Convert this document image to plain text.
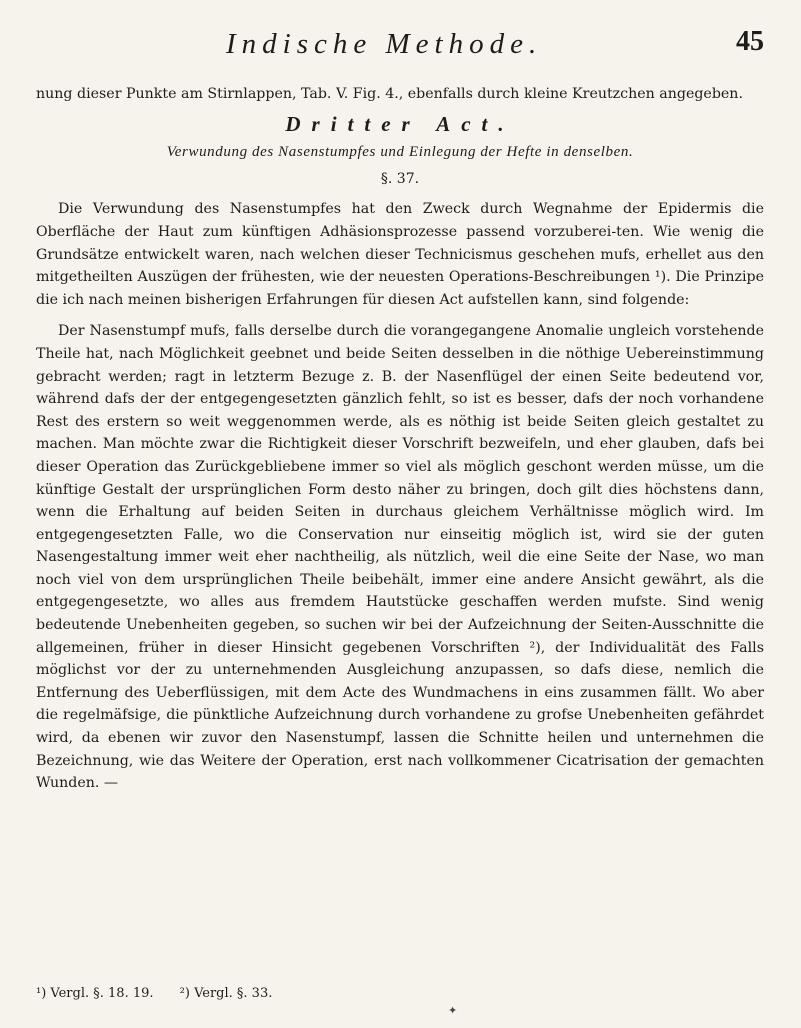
Indische Methode.	45

nung dieser Punkte am Stirnlappen, Tab. V. Fig. 4., ebenfalls durch kleine Kreutzchen angegeben.

Dritter Act.

Verwundung des Nasenstumpfes und Einlegung der Hefte in denselben.

§. 37.

Die Verwundung des Nasenstumpfes hat den Zweck durch Wegnahme der Epidermis die Oberfläche der Haut zum künftigen Adhäsionsprozesse passend vorzuberei-ten. Wie wenig die Grundsätze entwickelt waren, nach welchen dieser Technicismus geschehen mufs, erhellet aus den mitgetheilten Auszügen der frühesten, wie der neuesten Operations-Beschreibungen ¹). Die Prinzipe die ich nach meinen bisherigen Erfahrungen für diesen Act aufstellen kann, sind folgende:

Der Nasenstumpf mufs, falls derselbe durch die vorangegangene Anomalie ungleich vorstehende Theile hat, nach Möglichkeit geebnet und beide Seiten desselben in die nöthige Uebereinstimmung gebracht werden; ragt in letzterm Bezuge z. B. der Nasenflügel der einen Seite bedeutend vor, während dafs der der entgegengesetzten gänzlich fehlt, so ist es besser, dafs der noch vorhandene Rest des erstern so weit weggenommen werde, als es nöthig ist beide Seiten gleich gestaltet zu machen. Man möchte zwar die Richtigkeit dieser Vorschrift bezweifeln, und eher glauben, dafs bei dieser Operation das Zurückgebliebene immer so viel als möglich geschont werden müsse, um die künftige Gestalt der ursprünglichen Form desto näher zu bringen, doch gilt dies höchstens dann, wenn die Erhaltung auf beiden Seiten in durchaus gleichem Verhältnisse möglich wird. Im entgegengesetzten Falle, wo die Conservation nur einseitig möglich ist, wird sie der guten Nasengestaltung immer weit eher nachtheilig, als nützlich, weil die eine Seite der Nase, wo man noch viel von dem ursprünglichen Theile beibehält, immer eine andere Ansicht gewährt, als die entgegengesetzte, wo alles aus fremdem Hautstücke geschaffen werden mufste. Sind wenig bedeutende Unebenheiten gegeben, so suchen wir bei der Aufzeichnung der Seiten-Ausschnitte die allgemeinen, früher in dieser Hinsicht gegebenen Vorschriften ²), der Individualität des Falls möglichst vor der zu unternehmenden Ausgleichung anzupassen, so dafs diese, nemlich die Entfernung des Ueberflüssigen, mit dem Acte des Wundmachens in eins zusammen fällt. Wo aber die regelmäfsige, die pünktliche Aufzeichnung durch vorhandene zu grofse Unebenheiten gefährdet wird, da ebenen wir zuvor den Nasenstumpf, lassen die Schnitte heilen und unternehmen die Bezeichnung, wie das Weitere der Operation, erst nach vollkommener Cicatrisation der gemachten Wunden. —

¹) Vergl. §. 18. 19. ²) Vergl. §. 33.
✦
